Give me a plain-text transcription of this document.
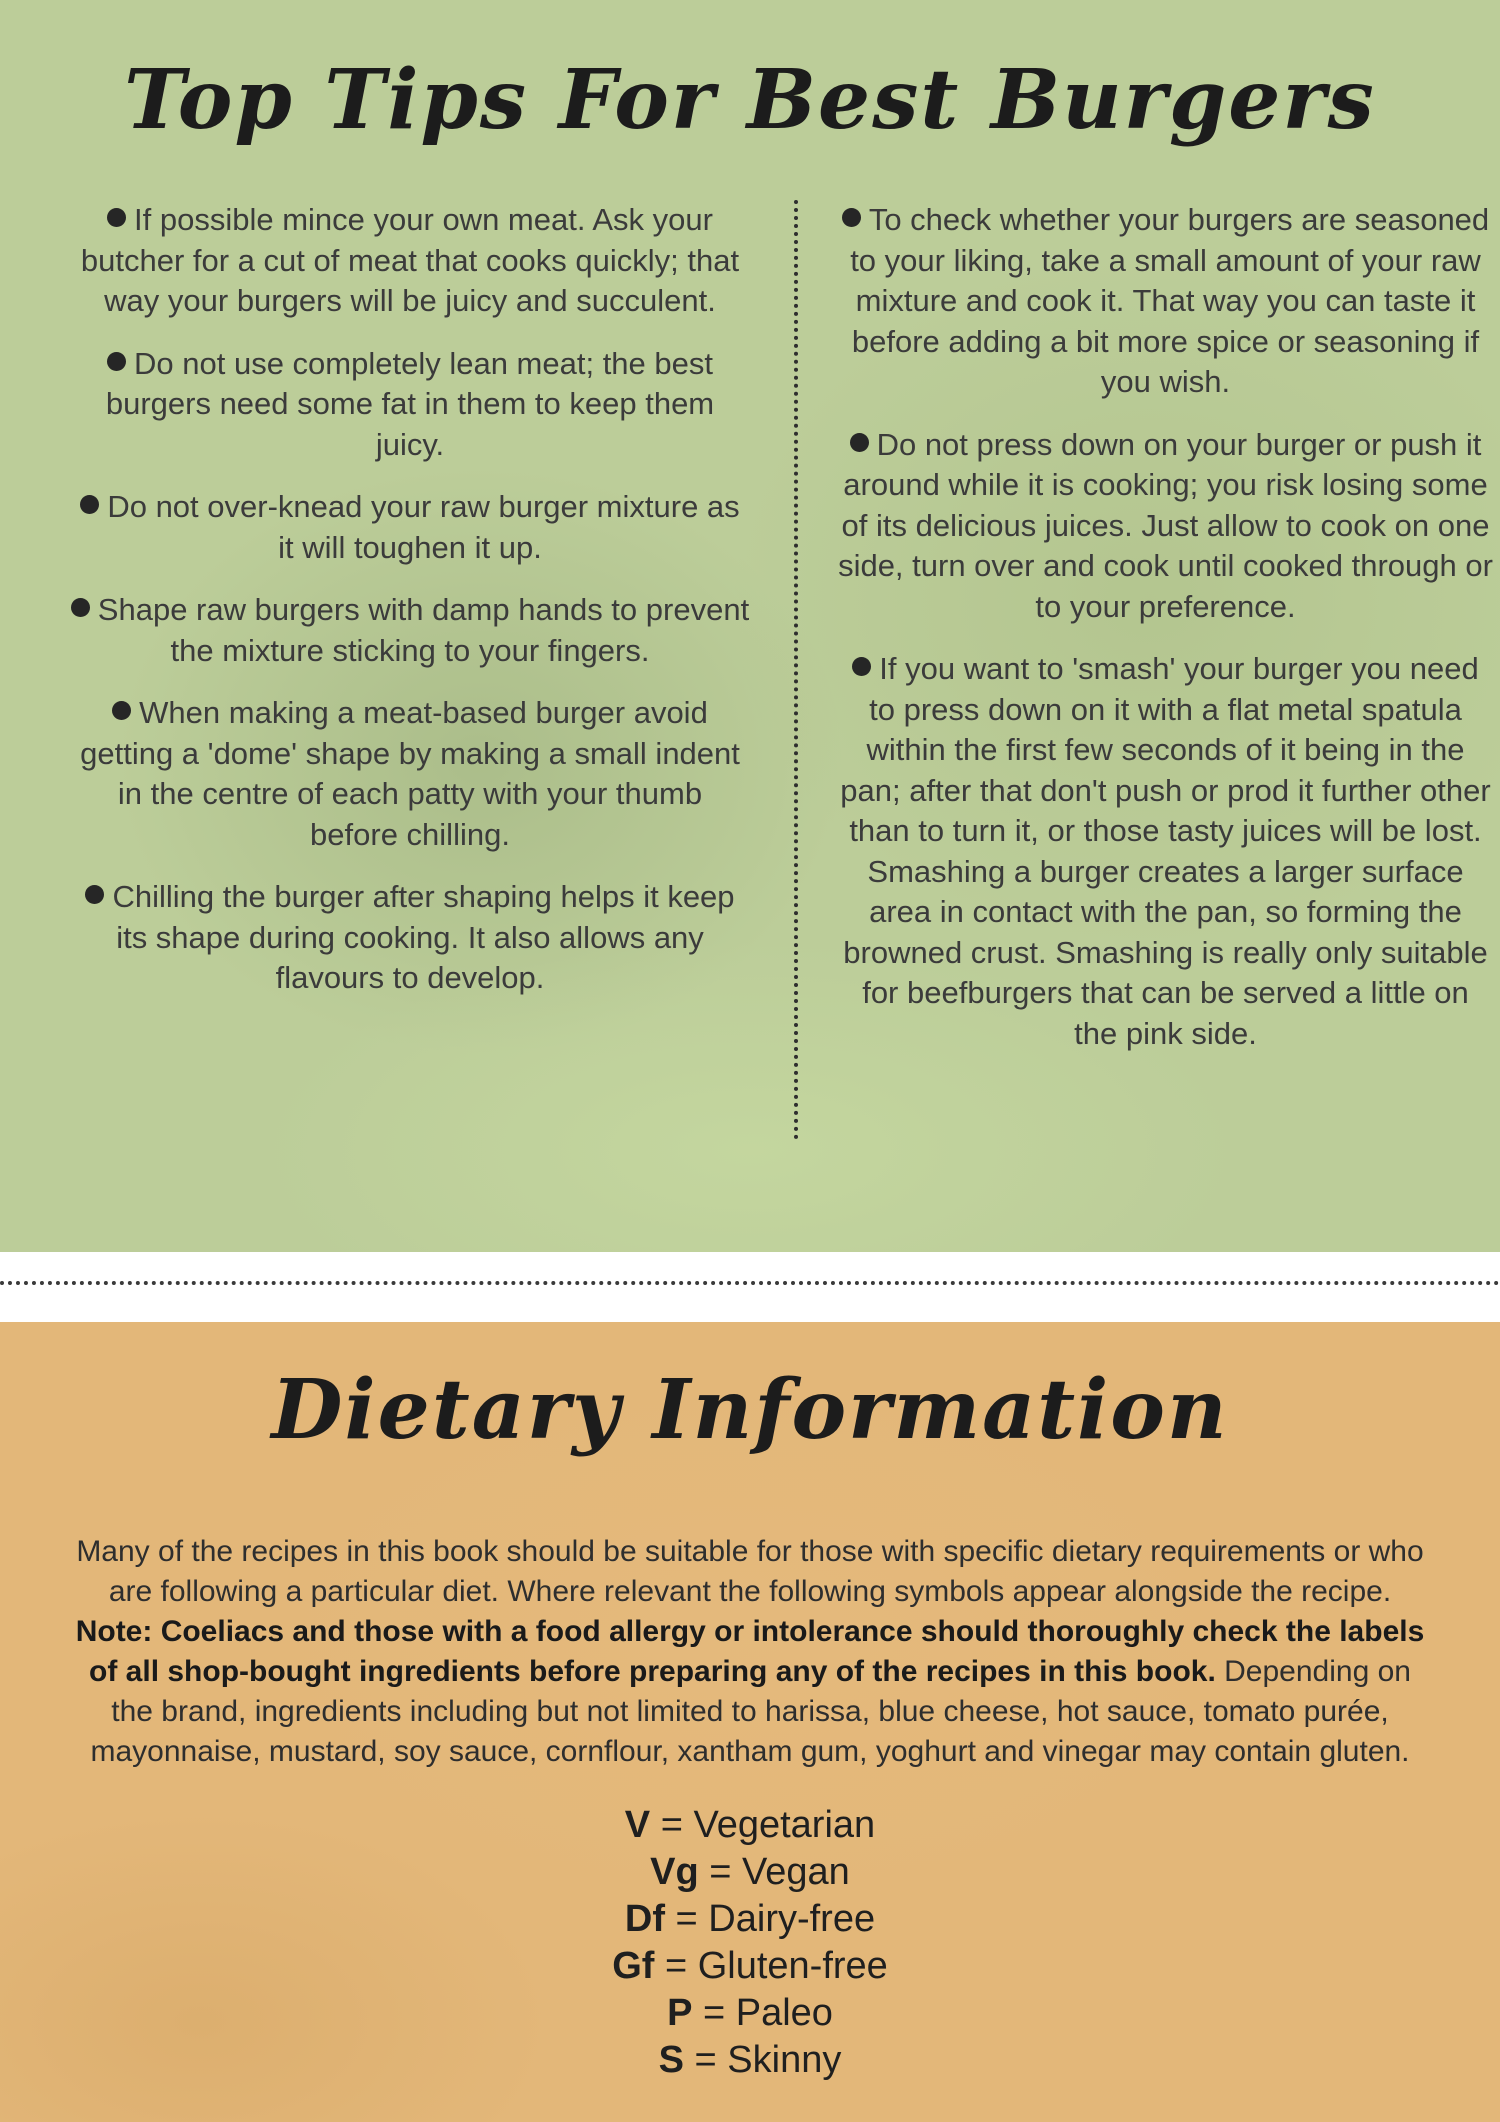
Top Tips For Best Burgers

If possible mince your own meat. Ask your butcher for a cut of meat that cooks quickly; that way your burgers will be juicy and succulent.

Do not use completely lean meat; the best burgers need some fat in them to keep them juicy.

Do not over-knead your raw burger mixture as it will toughen it up.

Shape raw burgers with damp hands to prevent the mixture sticking to your fingers.

When making a meat-based burger avoid getting a 'dome' shape by making a small indent in the centre of each patty with your thumb before chilling.

Chilling the burger after shaping helps it keep its shape during cooking. It also allows any flavours to develop.

To check whether your burgers are seasoned to your liking, take a small amount of your raw mixture and cook it. That way you can taste it before adding a bit more spice or seasoning if you wish.

Do not press down on your burger or push it around while it is cooking; you risk losing some of its delicious juices. Just allow to cook on one side, turn over and cook until cooked through or to your preference.

If you want to 'smash' your burger you need to press down on it with a flat metal spatula within the first few seconds of it being in the pan; after that don't push or prod it further other than to turn it, or those tasty juices will be lost. Smashing a burger creates a larger surface area in contact with the pan, so forming the browned crust. Smashing is really only suitable for beefburgers that can be served a little on the pink side.

Dietary Information

Many of the recipes in this book should be suitable for those with specific dietary requirements or who are following a particular diet. Where relevant the following symbols appear alongside the recipe. Note: Coeliacs and those with a food allergy or intolerance should thoroughly check the labels of all shop-bought ingredients before preparing any of the recipes in this book. Depending on the brand, ingredients including but not limited to harissa, blue cheese, hot sauce, tomato purée, mayonnaise, mustard, soy sauce, cornflour, xantham gum, yoghurt and vinegar may contain gluten.

V = Vegetarian
Vg = Vegan
Df = Dairy-free
Gf = Gluten-free
P = Paleo
S = Skinny
